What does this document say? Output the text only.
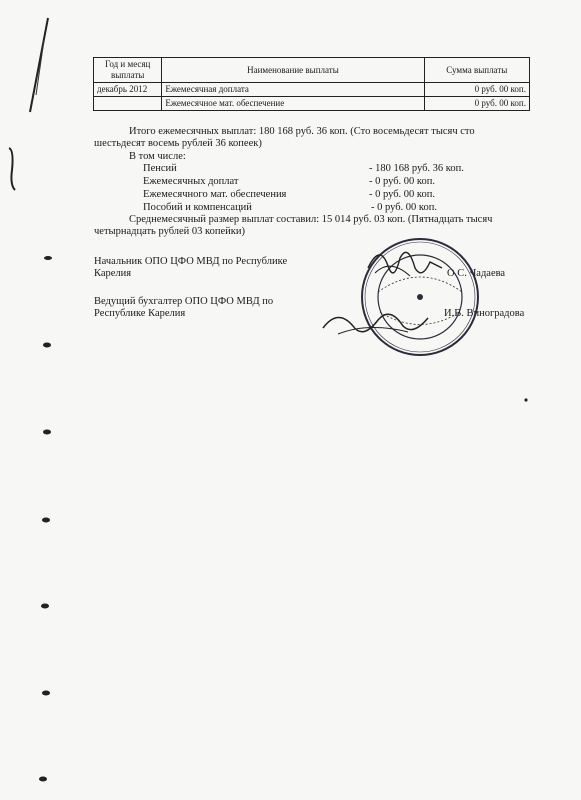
Год и месяц выплаты	Наименование выплаты	Сумма выплаты
декабрь 2012	Ежемесячная доплата	0 руб. 00 коп.
	Ежемесячное мат. обеспечение	0 руб. 00 коп.
Итого ежемесячных выплат: 180 168 руб. 36 коп. (Сто восемьдесят тысяч сто
шестьдесят восемь рублей 36 копеек)
В том числе:
Пенсий	- 180 168 руб. 36 коп.
Ежемесячных доплат	- 0 руб. 00 коп.
Ежемесячного мат. обеспечения	- 0 руб. 00 коп.
Пособий и компенсаций	- 0 руб. 00 коп.
Среднемесячный размер выплат составил: 15 014 руб. 03 коп. (Пятнадцать тысяч
четырнадцать рублей 03 копейки)
Начальник ОПО ЦФО МВД по Республике
Карелия	О.С. Чадаева
Ведущий бухгалтер ОПО ЦФО МВД по
Республике Карелия	И.В. Виноградова
